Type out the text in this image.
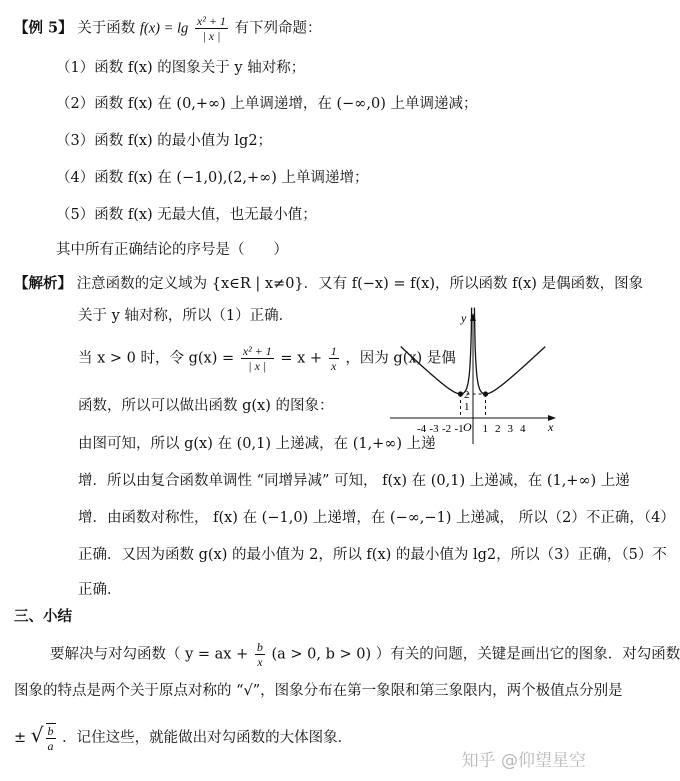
【例 5】 关于函数 $f(x) = \lg \frac{\text{x² + 1}}{| x |}$ 有下列命题：
（1）函数 f(x) 的图象关于 y 轴对称；
（2）函数 f(x) 在 (0,+∞) 上单调递增，在 (−∞,0) 上单调递减；
（3）函数 f(x) 的最小值为 lg2；
（4）函数 f(x) 在 (−1,0),(2,+∞) 上单调递增；
（5）函数 f(x) 无最大值，也无最小值；
其中所有正确结论的序号是（　　）
【解析】 注意函数的定义域为 {x∈R | x≠0}．又有 f(−x) = f(x)，所以函数 f(x) 是偶函数，图象
关于 y 轴对称，所以（1）正确．
当 x > 0 时，令 $g(x) = \frac{\text{x² + 1}}{| x |} = x + \frac{1}{x}$ ，因为 g(x) 是偶
函数，所以可以做出函数 g(x) 的图象：
由图可知，所以 g(x) 在 (0,1) 上递减，在 (1,+∞) 上递
增．所以由复合函数单调性 “同增异减” 可知， f(x) 在 (0,1) 上递减，在 (1,+∞) 上递
增．由函数对称性， f(x) 在 (−1,0) 上递增，在 (−∞,−1) 上递减， 所以（2）不正确，（4）
正确．又因为函数 g(x) 的最小值为 2，所以 f(x) 的最小值为 lg2，所以（3）正确，（5）不
正确．
x
y
O
-4 -3 -2 -1 1 2 3 4
1
2
三、小结
要解决与对勾函数（ y = ax + $\frac{b}{x} (a > 0$, b > 0) ）有关的问题，关键是画出它的图象．对勾函数
图象的特点是两个关于原点对称的 “√”，图象分布在第一象限和第三象限内，两个极值点分别是
± √ $\frac{b}{a}$ ．记住这些，就能做出对勾函数的大体图象．
知乎 @仰望星空
